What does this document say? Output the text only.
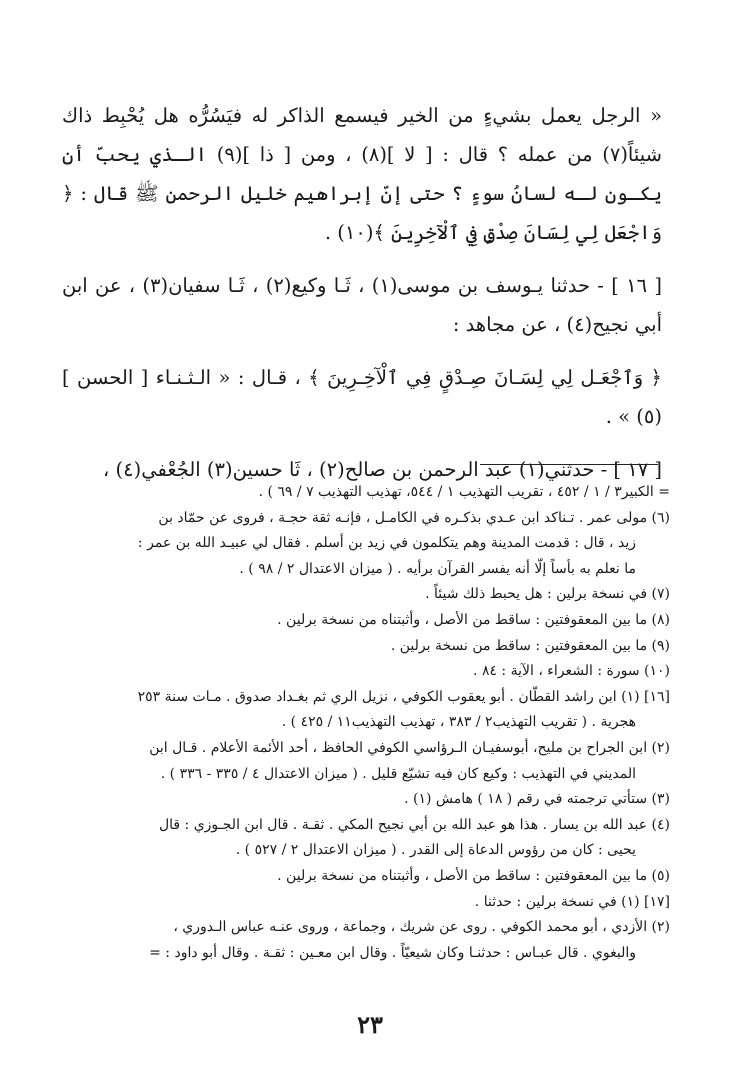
« الرجل يعمل بشيءٍ من الخير فيسمع الذاكر له فيَسُرُّه هل يُحْبِط ذاك شيئاً(٧) من عمله ؟ قال : [ لا ](٨) ، ومن [ ذا ](٩) الـذي يحبّ أن يكـون لـه لسانُ سوءٍ ؟ حتى إنّ إبراهيم خليل الرحمن ﷺ قال : ﴿ وَاجْعَل لِي لِسَانَ صِدْقٍ فِي ٱلْآخِرِينَ ﴾(١٠) .

[ ١٦ ] - حدثنا يـوسف بن موسى(١) ، ثَـا وكيع(٢) ، ثَـا سفيان(٣) ، عن ابن أبي نجيح(٤) ، عن مجاهد :

﴿ وَٱجْعَـل لِي لِسَـانَ صِـدْقٍ فِي ٱلْآخِـرِينَ ﴾ ، قـال : « الـثـنـاء [ الحسن ](٥) » .

[ ١٧ ] - حدثني(١) عبد الرحمن بن صالح(٢) ، ثَا حسين(٣) الجُعْفي(٤) ،

= الكبير٣ / ١ / ٤٥٢ ، تقريب التهذيب ١ / ٥٤٤، تهذيب التهذيب ٧ / ٦٩ ) .

(٦) مولى عمر . تـناكد ابن عـدي بذكـره في الكامـل ، فإنـه ثقة حجـة ، فروى عن حمّاد بن

زيد ، قال : قدمت المدينة وهم يتكلمون في زيد بن أسلم . فقال لي عبيـد الله بن عمر :

ما نعلم به بأساً إلّا أنه يفسر القرآن برأيه . ( ميزان الاعتدال ٢ / ٩٨ ) .

(٧) في نسخة برلين : هل يحبط ذلك شيئاً .

(٨) ما بين المعقوفتين : ساقط من الأصل ، وأثبتناه من نسخة برلين .

(٩) ما بين المعقوفتين : ساقط من نسخة برلين .

(١٠) سورة : الشعراء ، الآية : ٨٤ .

[١٦] (١) ابن راشد القطّان . أبو يعقوب الكوفي ، نزيل الري ثم بغـداد صدوق . مـات سنة ٢٥٣

هجرية . ( تقريب التهذيب٢ / ٣٨٣ ، تهذيب التهذيب١١ / ٤٢٥ ) .

(٢) ابن الجراح بن مليح، أبوسفيـان الـرؤاسي الكوفي الحافظ ، أحد الأئمة الأعلام . قـال ابن

المديني في التهذيب : وكيع كان فيه تشيّع قليل . ( ميزان الاعتدال ٤ / ٣٣٥ - ٣٣٦ ) .

(٣) ستأتي ترجمته في رقم ( ١٨ ) هامش (١) .

(٤) عبد الله بن يسار . هذا هو عبد الله بن أبي نجيح المكي . ثقـة . قال ابن الجـوزي : قال

يحيى : كان من رؤوس الدعاة إلى القدر . ( ميزان الاعتدال ٢ / ٥٢٧ ) .

(٥) ما بين المعقوفتين : ساقط من الأصل ، وأثبتناه من نسخة برلين .

[١٧] (١) في نسخة برلين : حدثنا .

(٢) الأزدي ، أبو محمد الكوفي . روى عن شريك ، وجماعة ، وروى عنـه عباس الـدوري ،

والبغوي . قال عبـاس : حدثنـا وكان شيعيّاً . وقال ابن معـين : ثقـة . وقال أبو داود : =

٢٣
